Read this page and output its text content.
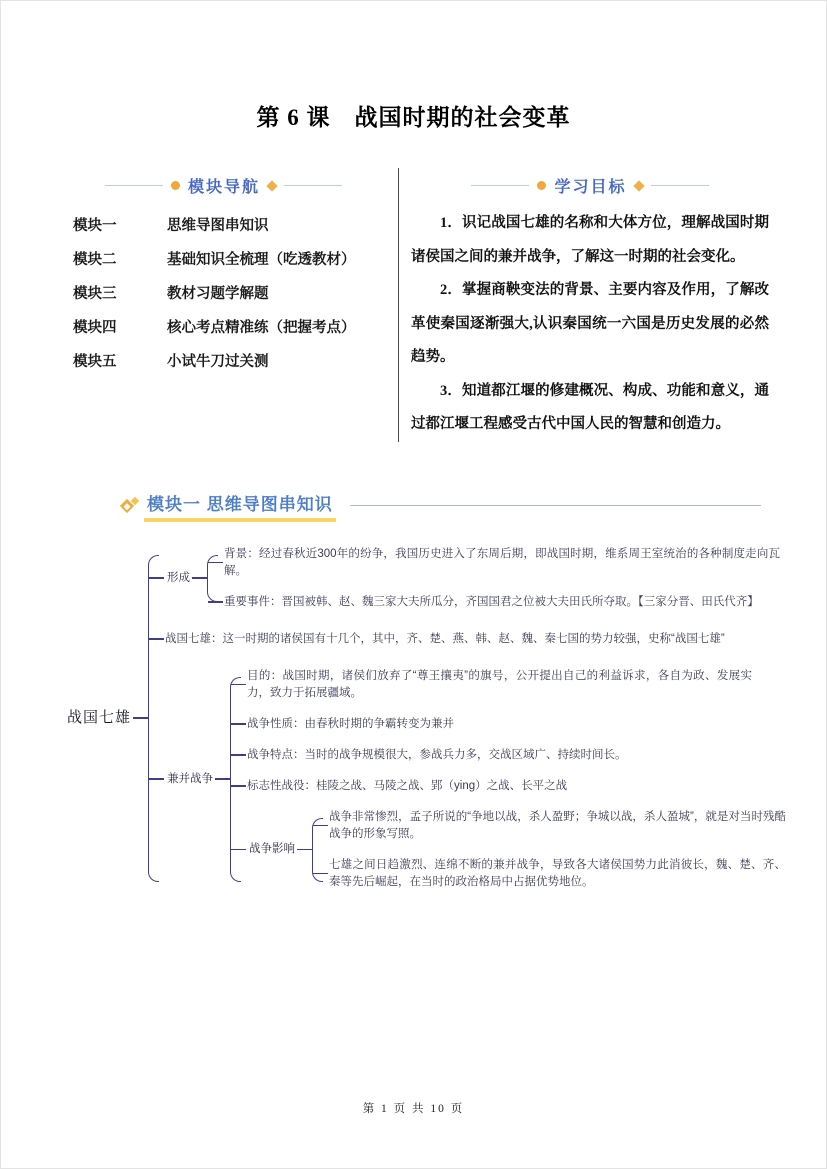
第 6 课　战国时期的社会变革
模块导航
模块一	思维导图串知识
模块二	基础知识全梳理（吃透教材）
模块三	教材习题学解题
模块四	核心考点精准练（把握考点）
模块五	小试牛刀过关测
学习目标

1．识记战国七雄的名称和大体方位，理解战国时期诸侯国之间的兼并战争，了解这一时期的社会变化。

2．掌握商鞅变法的背景、主要内容及作用，了解改革使秦国逐渐强大,认识秦国统一六国是历史发展的必然趋势。

3．知道都江堰的修建概况、构成、功能和意义，通过都江堰工程感受古代中国人民的智慧和创造力。

模块一 思维导图串知识
战国七雄
形成
背景：经过春秋近300年的纷争，我国历史进入了东周后期，即战国时期，维系周王室统治的各种制度走向瓦解。
重要事件：晋国被韩、赵、魏三家大夫所瓜分，齐国国君之位被大夫田氏所夺取。【三家分晋、田氏代齐】
战国七雄：这一时期的诸侯国有十几个，其中，齐、楚、燕、韩、赵、魏、秦七国的势力较强，史称“战国七雄”
兼并战争
目的：战国时期，诸侯们放弃了“尊王攘夷”的旗号，公开提出自己的利益诉求，各自为政、发展实力，致力于拓展疆域。
战争性质：由春秋时期的争霸转变为兼并
战争特点：当时的战争规模很大，参战兵力多，交战区域广、持续时间长。
标志性战役：桂陵之战、马陵之战、郢（ying）之战、长平之战
战争影响
战争非常惨烈，孟子所说的“争地以战，杀人盈野；争城以战，杀人盈城”，就是对当时残酷战争的形象写照。
七雄之间日趋激烈、连绵不断的兼并战争，导致各大诸侯国势力此消彼长，魏、楚、齐、秦等先后崛起，在当时的政治格局中占据优势地位。
第 1 页 共 10 页
